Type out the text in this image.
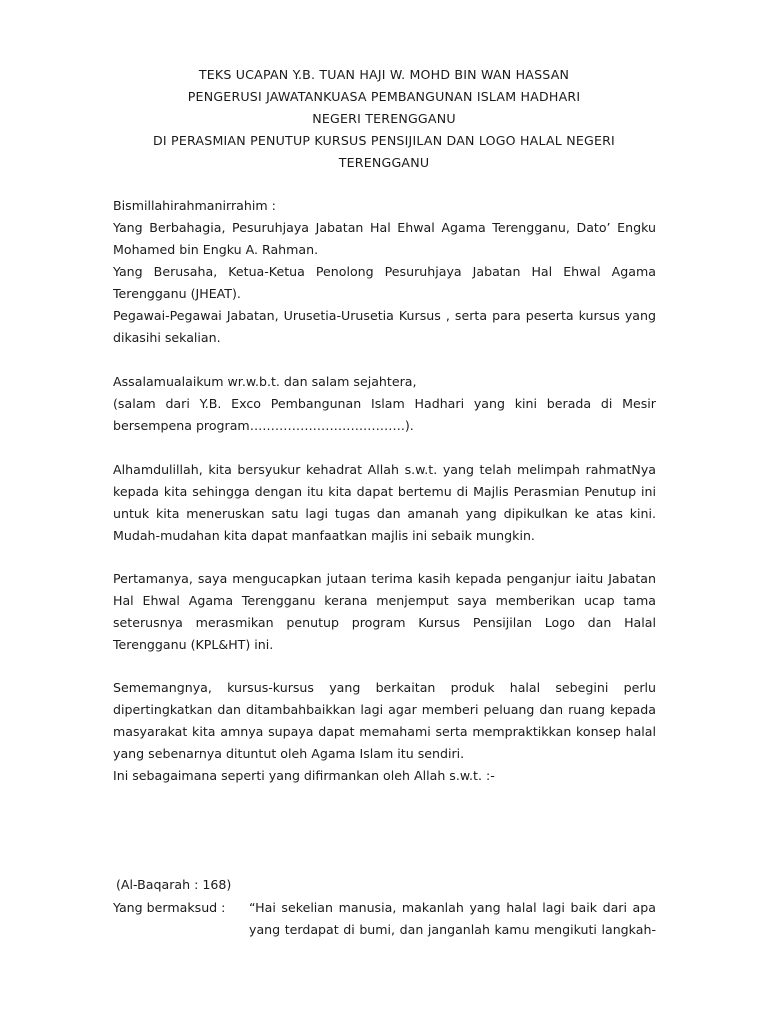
TEKS UCAPAN Y.B. TUAN HAJI W. MOHD BIN WAN HASSAN
PENGERUSI JAWATANKUASA PEMBANGUNAN ISLAM HADHARI
NEGERI TERENGGANU
DI PERASMIAN PENUTUP KURSUS PENSIJILAN DAN LOGO HALAL NEGERI
TERENGGANU
Bismillahirahmanirrahim :
Yang Berbahagia, Pesuruhjaya Jabatan Hal Ehwal Agama Terengganu, Dato’ Engku
Mohamed bin Engku A. Rahman.
Yang Berusaha, Ketua-Ketua Penolong Pesuruhjaya Jabatan Hal Ehwal Agama
Terengganu (JHEAT).
Pegawai-Pegawai Jabatan, Urusetia-Urusetia Kursus , serta para peserta kursus yang
dikasihi sekalian.
Assalamualaikum wr.w.b.t. dan salam sejahtera,
(salam dari Y.B. Exco Pembangunan Islam Hadhari yang kini berada di Mesir
bersempena program……………………………….).
Alhamdulillah, kita bersyukur kehadrat Allah s.w.t. yang telah melimpah rahmatNya
kepada kita sehingga dengan itu kita dapat bertemu di Majlis Perasmian Penutup ini
untuk kita meneruskan satu lagi tugas dan amanah yang dipikulkan ke atas kini.
Mudah-mudahan kita dapat manfaatkan majlis ini sebaik mungkin.
Pertamanya, saya mengucapkan jutaan terima kasih kepada penganjur iaitu Jabatan
Hal Ehwal Agama Terengganu kerana menjemput saya memberikan ucap tama
seterusnya merasmikan penutup program Kursus Pensijilan Logo dan Halal
Terengganu (KPL&HT) ini.
Sememangnya, kursus-kursus yang berkaitan produk halal sebegini perlu
dipertingkatkan dan ditambahbaikkan lagi agar memberi peluang dan ruang kepada
masyarakat kita amnya supaya dapat memahami serta mempraktikkan konsep halal
yang sebenarnya dituntut oleh Agama Islam itu sendiri.
Ini sebagaimana seperti yang difirmankan oleh Allah s.w.t. :-
(Al-Baqarah : 168)
Yang bermaksud : “Hai sekelian manusia, makanlah yang halal lagi baik dari apa
yang terdapat di bumi, dan janganlah kamu mengikuti langkah-
